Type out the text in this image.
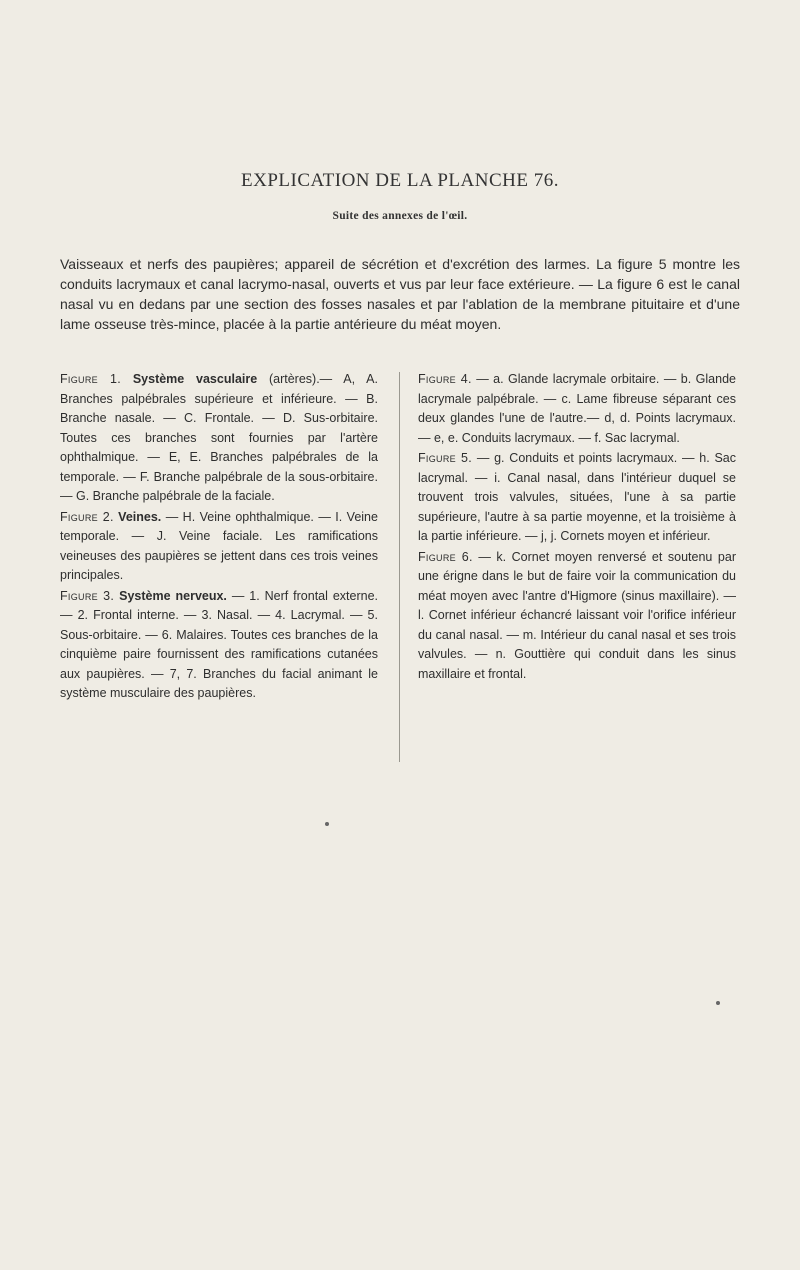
EXPLICATION DE LA PLANCHE 76.
Suite des annexes de l'œil.

Vaisseaux et nerfs des paupières; appareil de sécrétion et d'excrétion des larmes. La figure 5 montre les conduits lacrymaux et canal lacrymo-nasal, ouverts et vus par leur face extérieure. — La figure 6 est le canal nasal vu en dedans par une section des fosses nasales et par l'ablation de la membrane pituitaire et d'une lame osseuse très-mince, placée à la partie antérieure du méat moyen.

Figure 1. Système vasculaire (artères).— A, A. Branches palpébrales supérieure et inférieure. — B. Branche nasale. — C. Frontale. — D. Sus-orbitaire. Toutes ces branches sont fournies par l'artère ophthalmique. — E, E. Branches palpébrales de la temporale. — F. Branche palpébrale de la sous-orbitaire. — G. Branche palpébrale de la faciale.

Figure 2. Veines. — H. Veine ophthalmique. — I. Veine temporale. — J. Veine faciale. Les ramifications veineuses des paupières se jettent dans ces trois veines principales.

Figure 3. Système nerveux. — 1. Nerf frontal externe.— 2. Frontal interne. — 3. Nasal. — 4. Lacrymal. — 5. Sous-orbitaire. — 6. Malaires. Toutes ces branches de la cinquième paire fournissent des ramifications cutanées aux paupières. — 7, 7. Branches du facial animant le système musculaire des paupières.

Figure 4. — a. Glande lacrymale orbitaire. — b. Glande lacrymale palpébrale. — c. Lame fibreuse séparant ces deux glandes l'une de l'autre.— d, d. Points lacrymaux. — e, e. Conduits lacrymaux. — f. Sac lacrymal.

Figure 5. — g. Conduits et points lacrymaux. — h. Sac lacrymal. — i. Canal nasal, dans l'intérieur duquel se trouvent trois valvules, situées, l'une à sa partie supérieure, l'autre à sa partie moyenne, et la troisième à la partie inférieure. — j, j. Cornets moyen et inférieur.

Figure 6. — k. Cornet moyen renversé et soutenu par une érigne dans le but de faire voir la communication du méat moyen avec l'antre d'Higmore (sinus maxillaire). — l. Cornet inférieur échancré laissant voir l'orifice inférieur du canal nasal. — m. Intérieur du canal nasal et ses trois valvules. — n. Gouttière qui conduit dans les sinus maxillaire et frontal.
